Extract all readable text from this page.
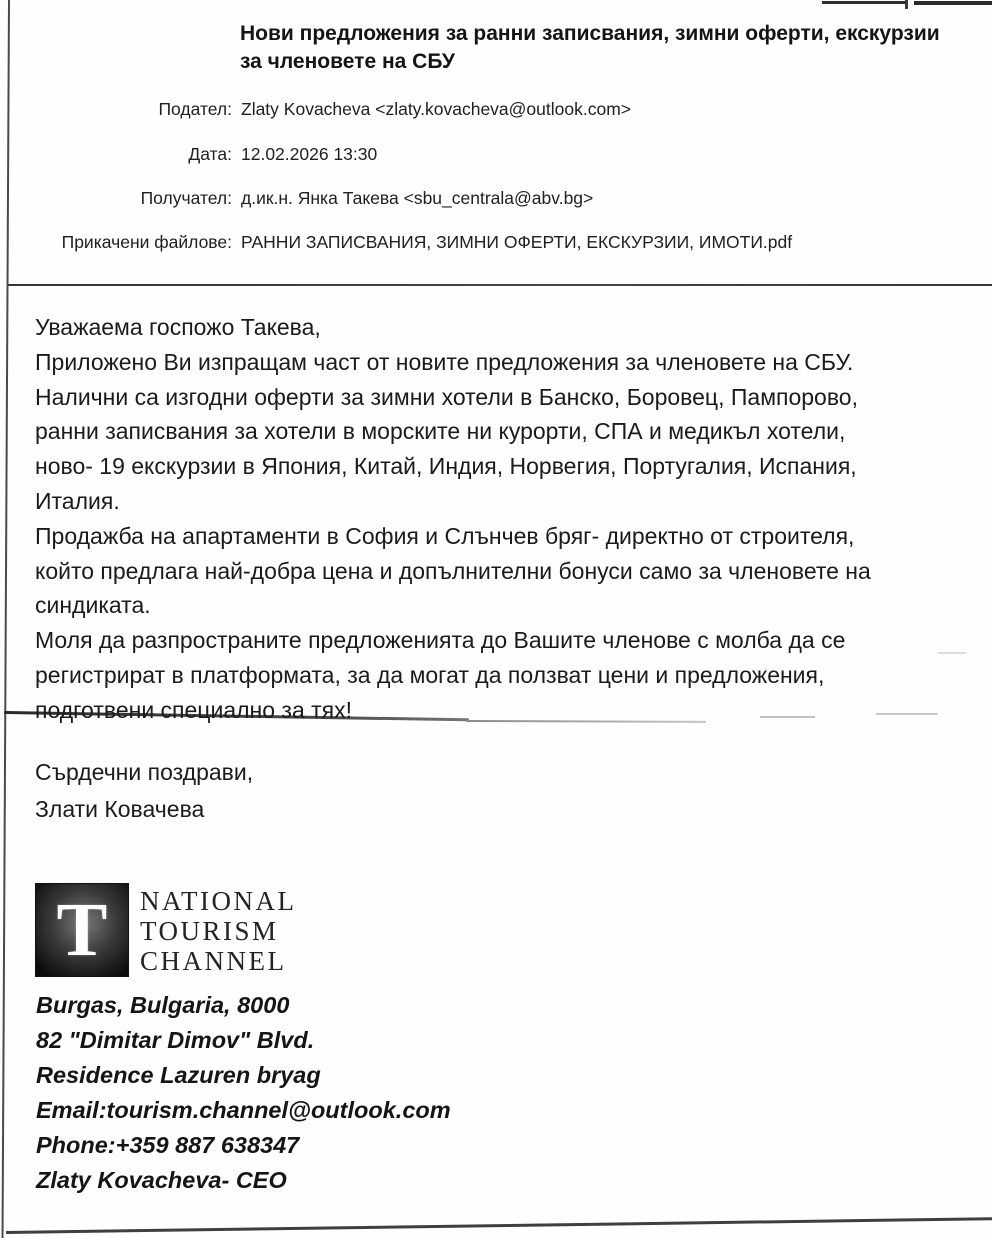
Нови предложения за ранни записвания, зимни оферти, екскурзии за членовете на СБУ
Подател: Zlaty Kovacheva <zlaty.kovacheva@outlook.com>
Дата: 12.02.2026 13:30
Получател: д.ик.н. Янка Такева <sbu_centrala@abv.bg>
Прикачени файлове: РАННИ ЗАПИСВАНИЯ, ЗИМНИ ОФЕРТИ, ЕКСКУРЗИИ, ИМОТИ.pdf
Уважаема госпожо Такева,
Приложено Ви изпращам част от новите предложения за членовете на СБУ.
Налични са изгодни оферти за зимни хотели в Банско, Боровец, Пампорово,
ранни записвания за хотели в морските ни курорти, СПА и медикъл хотели,
ново- 19 екскурзии в Япония, Китай, Индия, Норвегия, Португалия, Испания,
Италия.
Продажба на апартаменти в София и Слънчев бряг- директно от строителя,
който предлага най-добра цена и допълнителни бонуси само за членовете на
синдиката.
Моля да разпространите предложенията до Вашите членове с молба да се
регистрират в платформата, за да могат да ползват цени и предложения,
подготвени специално за тях!
Сърдечни поздрави,
Злати Ковачева
T NATIONAL
TOURISM
CHANNEL
Burgas, Bulgaria, 8000
82 "Dimitar Dimov" Blvd.
Residence Lazuren bryag
Email:tourism.channel@outlook.com
Phone:+359 887 638347
Zlaty Kovacheva- CEO
